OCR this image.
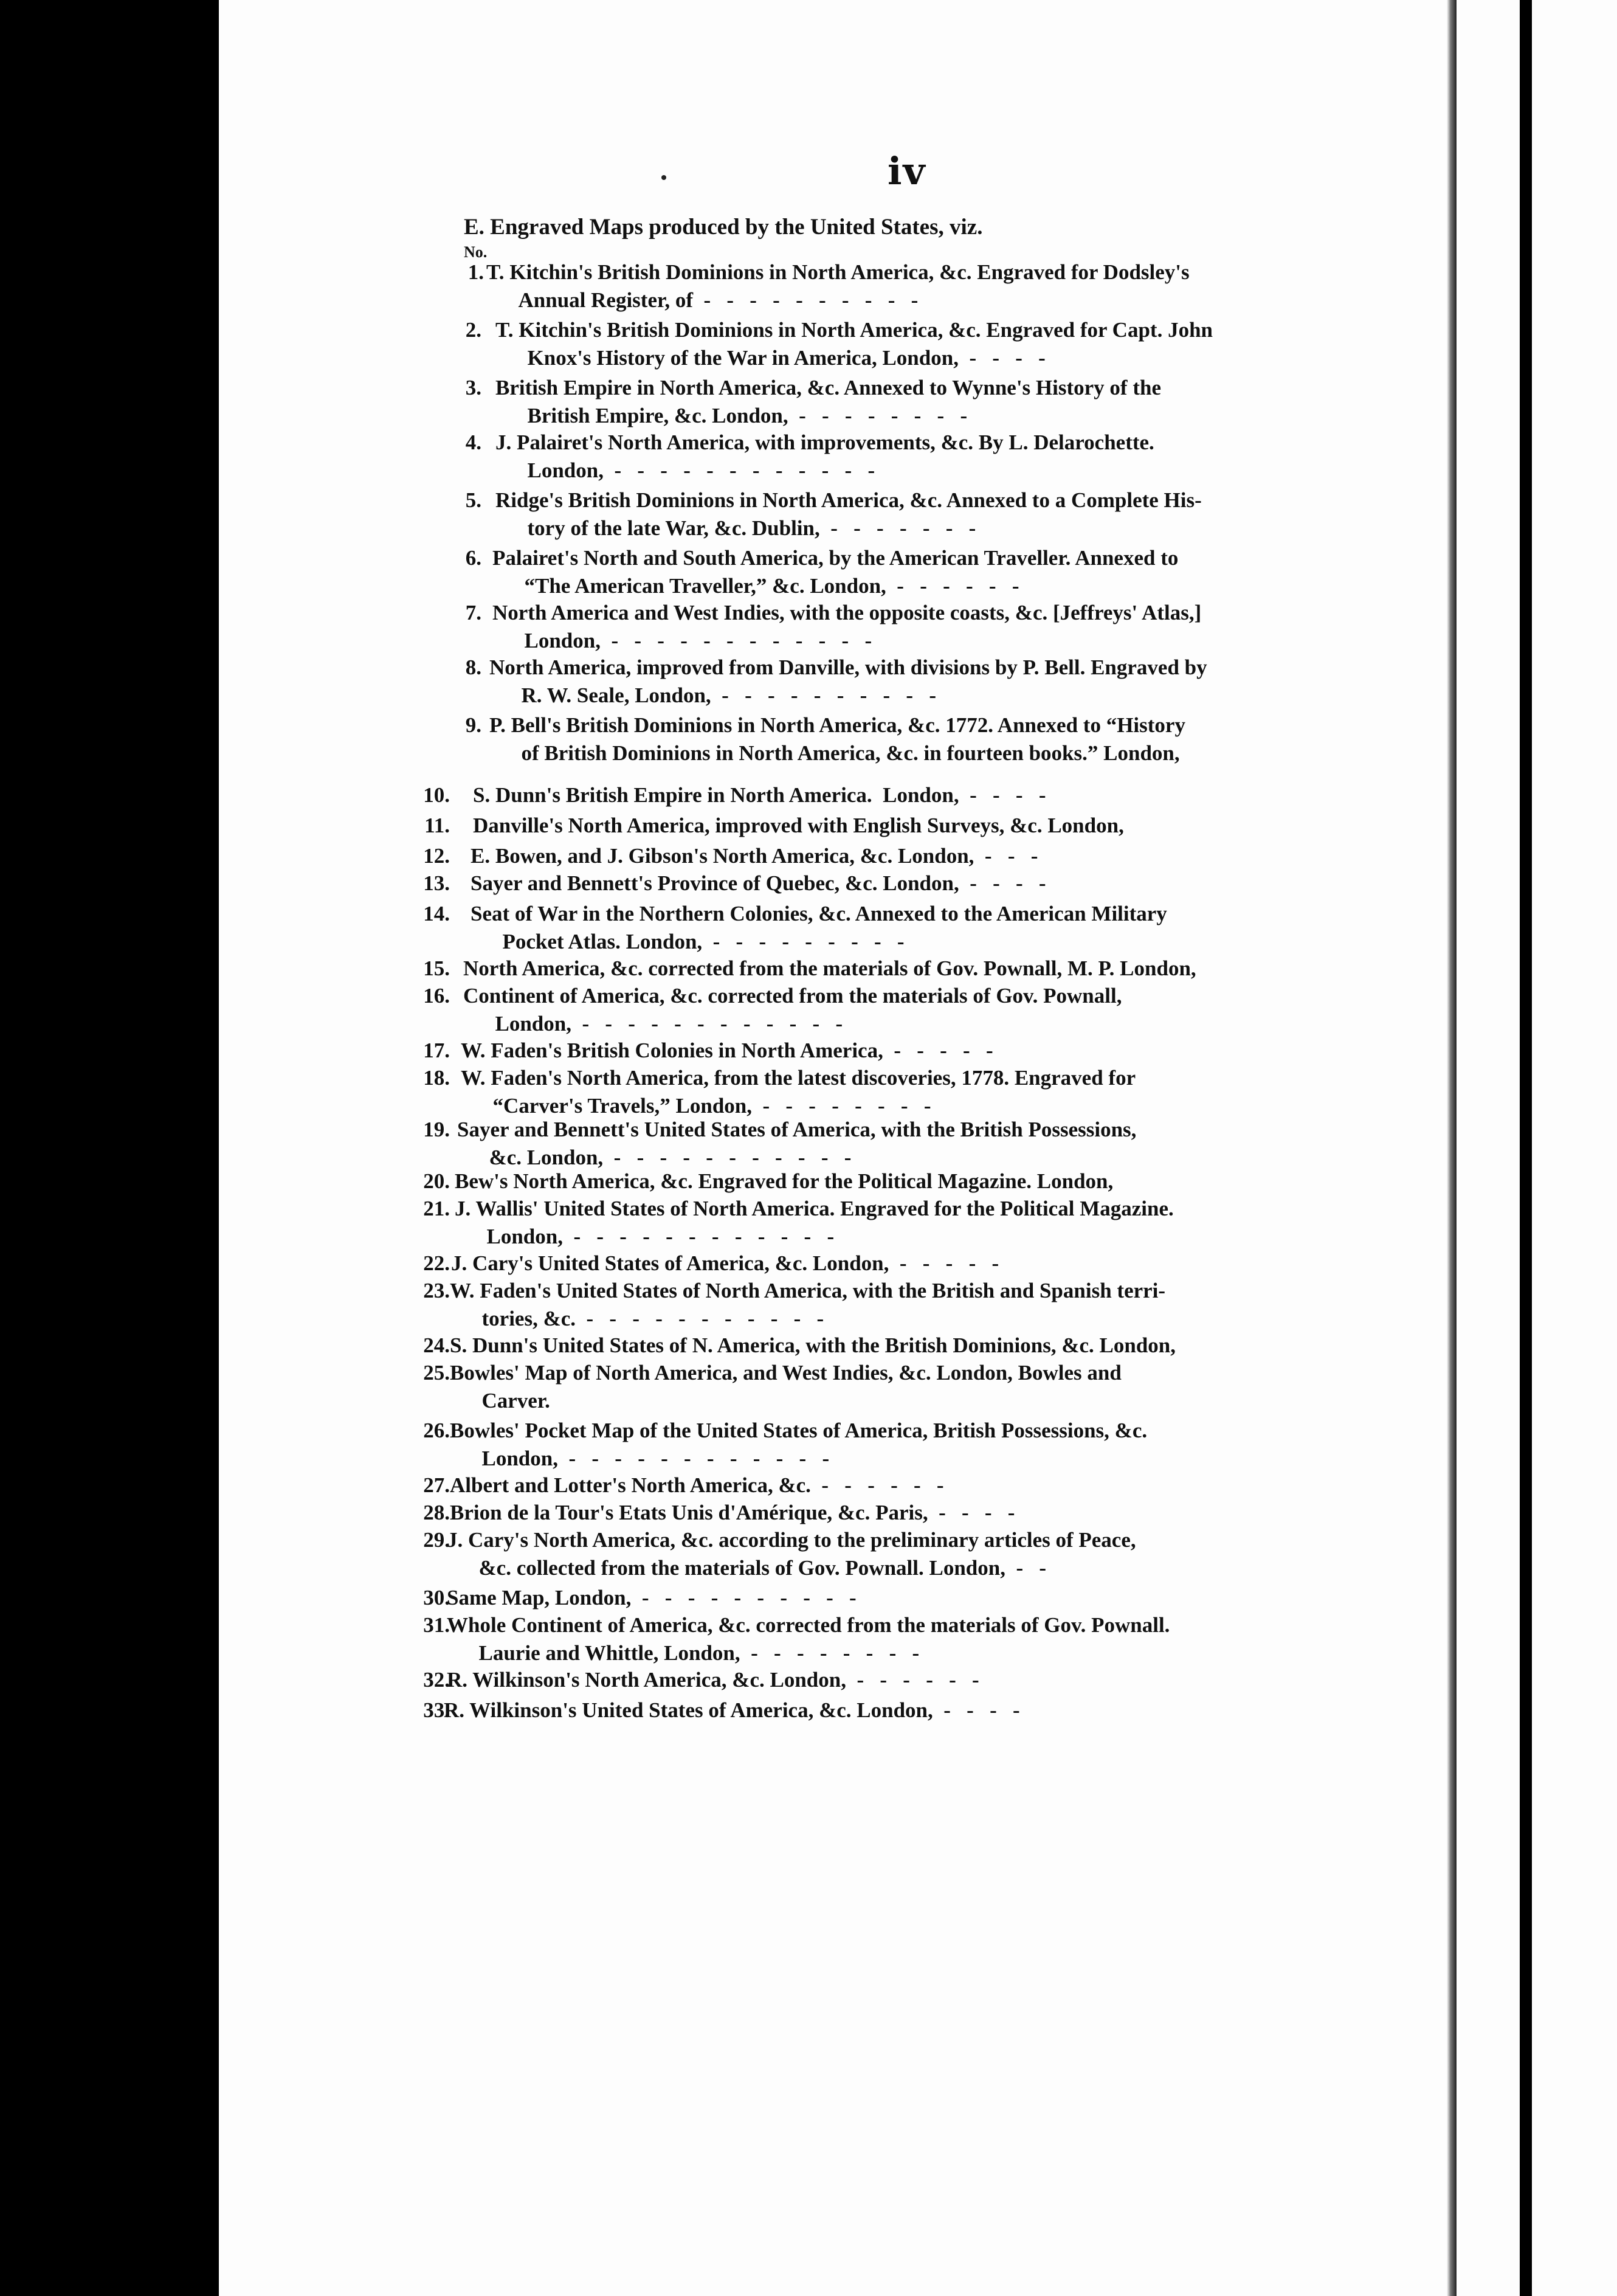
iv
E. Engraved Maps produced by the United States, viz.
No.
1. T. Kitchin's British Dominions in North America, &c. Engraved for Dodsley's
Annual Register, of  -   -   -   -   -   -   -   -   -   -
2. T. Kitchin's British Dominions in North America, &c. Engraved for Capt. John
Knox's History of the War in America, London,  -   -   -   -
3. British Empire in North America, &c. Annexed to Wynne's History of the
British Empire, &c. London,  -   -   -   -   -   -   -   -
4. J. Palairet's North America, with improvements, &c. By L. Delarochette.
London,  -   -   -   -   -   -   -   -   -   -   -   -
5. Ridge's British Dominions in North America, &c. Annexed to a Complete His-
tory of the late War, &c. Dublin,  -   -   -   -   -   -   -
6. Palairet's North and South America, by the American Traveller. Annexed to
“The American Traveller,” &c. London,  -   -   -   -   -   -
7. North America and West Indies, with the opposite coasts, &c. [Jeffreys' Atlas,]
London,  -   -   -   -   -   -   -   -   -   -   -   -
8. North America, improved from Danville, with divisions by P. Bell. Engraved by
R. W. Seale, London,  -   -   -   -   -   -   -   -   -   -
9. P. Bell's British Dominions in North America, &c. 1772. Annexed to “History
of British Dominions in North America, &c. in fourteen books.” London,
10. S. Dunn's British Empire in North America.  London,  -   -   -   -
11. Danville's North America, improved with English Surveys, &c. London,
12. E. Bowen, and J. Gibson's North America, &c. London,  -   -   -
13. Sayer and Bennett's Province of Quebec, &c. London,  -   -   -   -
14. Seat of War in the Northern Colonies, &c. Annexed to the American Military
Pocket Atlas. London,  -   -   -   -   -   -   -   -   -
15. North America, &c. corrected from the materials of Gov. Pownall, M. P. London,
16. Continent of America, &c. corrected from the materials of Gov. Pownall,
London,  -   -   -   -   -   -   -   -   -   -   -   -
17. W. Faden's British Colonies in North America,  -   -   -   -   -
18. W. Faden's North America, from the latest discoveries, 1778. Engraved for
“Carver's Travels,” London,  -   -   -   -   -   -   -   -
19. Sayer and Bennett's United States of America, with the British Possessions,
&c. London,  -   -   -   -   -   -   -   -   -   -   -
20. Bew's North America, &c. Engraved for the Political Magazine. London,
21. J. Wallis' United States of North America. Engraved for the Political Magazine.
London,  -   -   -   -   -   -   -   -   -   -   -   -
22. J. Cary's United States of America, &c. London,  -   -   -   -   -
23. W. Faden's United States of North America, with the British and Spanish terri-
tories, &c.  -   -   -   -   -   -   -   -   -   -   -
24. S. Dunn's United States of N. America, with the British Dominions, &c. London,
25. Bowles' Map of North America, and West Indies, &c. London, Bowles and
Carver.
26. Bowles' Pocket Map of the United States of America, British Possessions, &c.
London,  -   -   -   -   -   -   -   -   -   -   -   -
27. Albert and Lotter's North America, &c.  -   -   -   -   -   -
28. Brion de la Tour's Etats Unis d'Amérique, &c. Paris,  -   -   -   -
29.
J. Cary's North America, &c. according to the preliminary articles of Peace,
&c. collected from the materials of Gov. Pownall. London,  -   -
30.
Same Map, London,  -   -   -   -   -   -   -   -   -   -
31.
Whole Continent of America, &c. corrected from the materials of Gov. Pownall.
Laurie and Whittle, London,  -   -   -   -   -   -   -   -
32.
R. Wilkinson's North America, &c. London,  -   -   -   -   -   -
33.
R. Wilkinson's United States of America, &c. London,  -   -   -   -
